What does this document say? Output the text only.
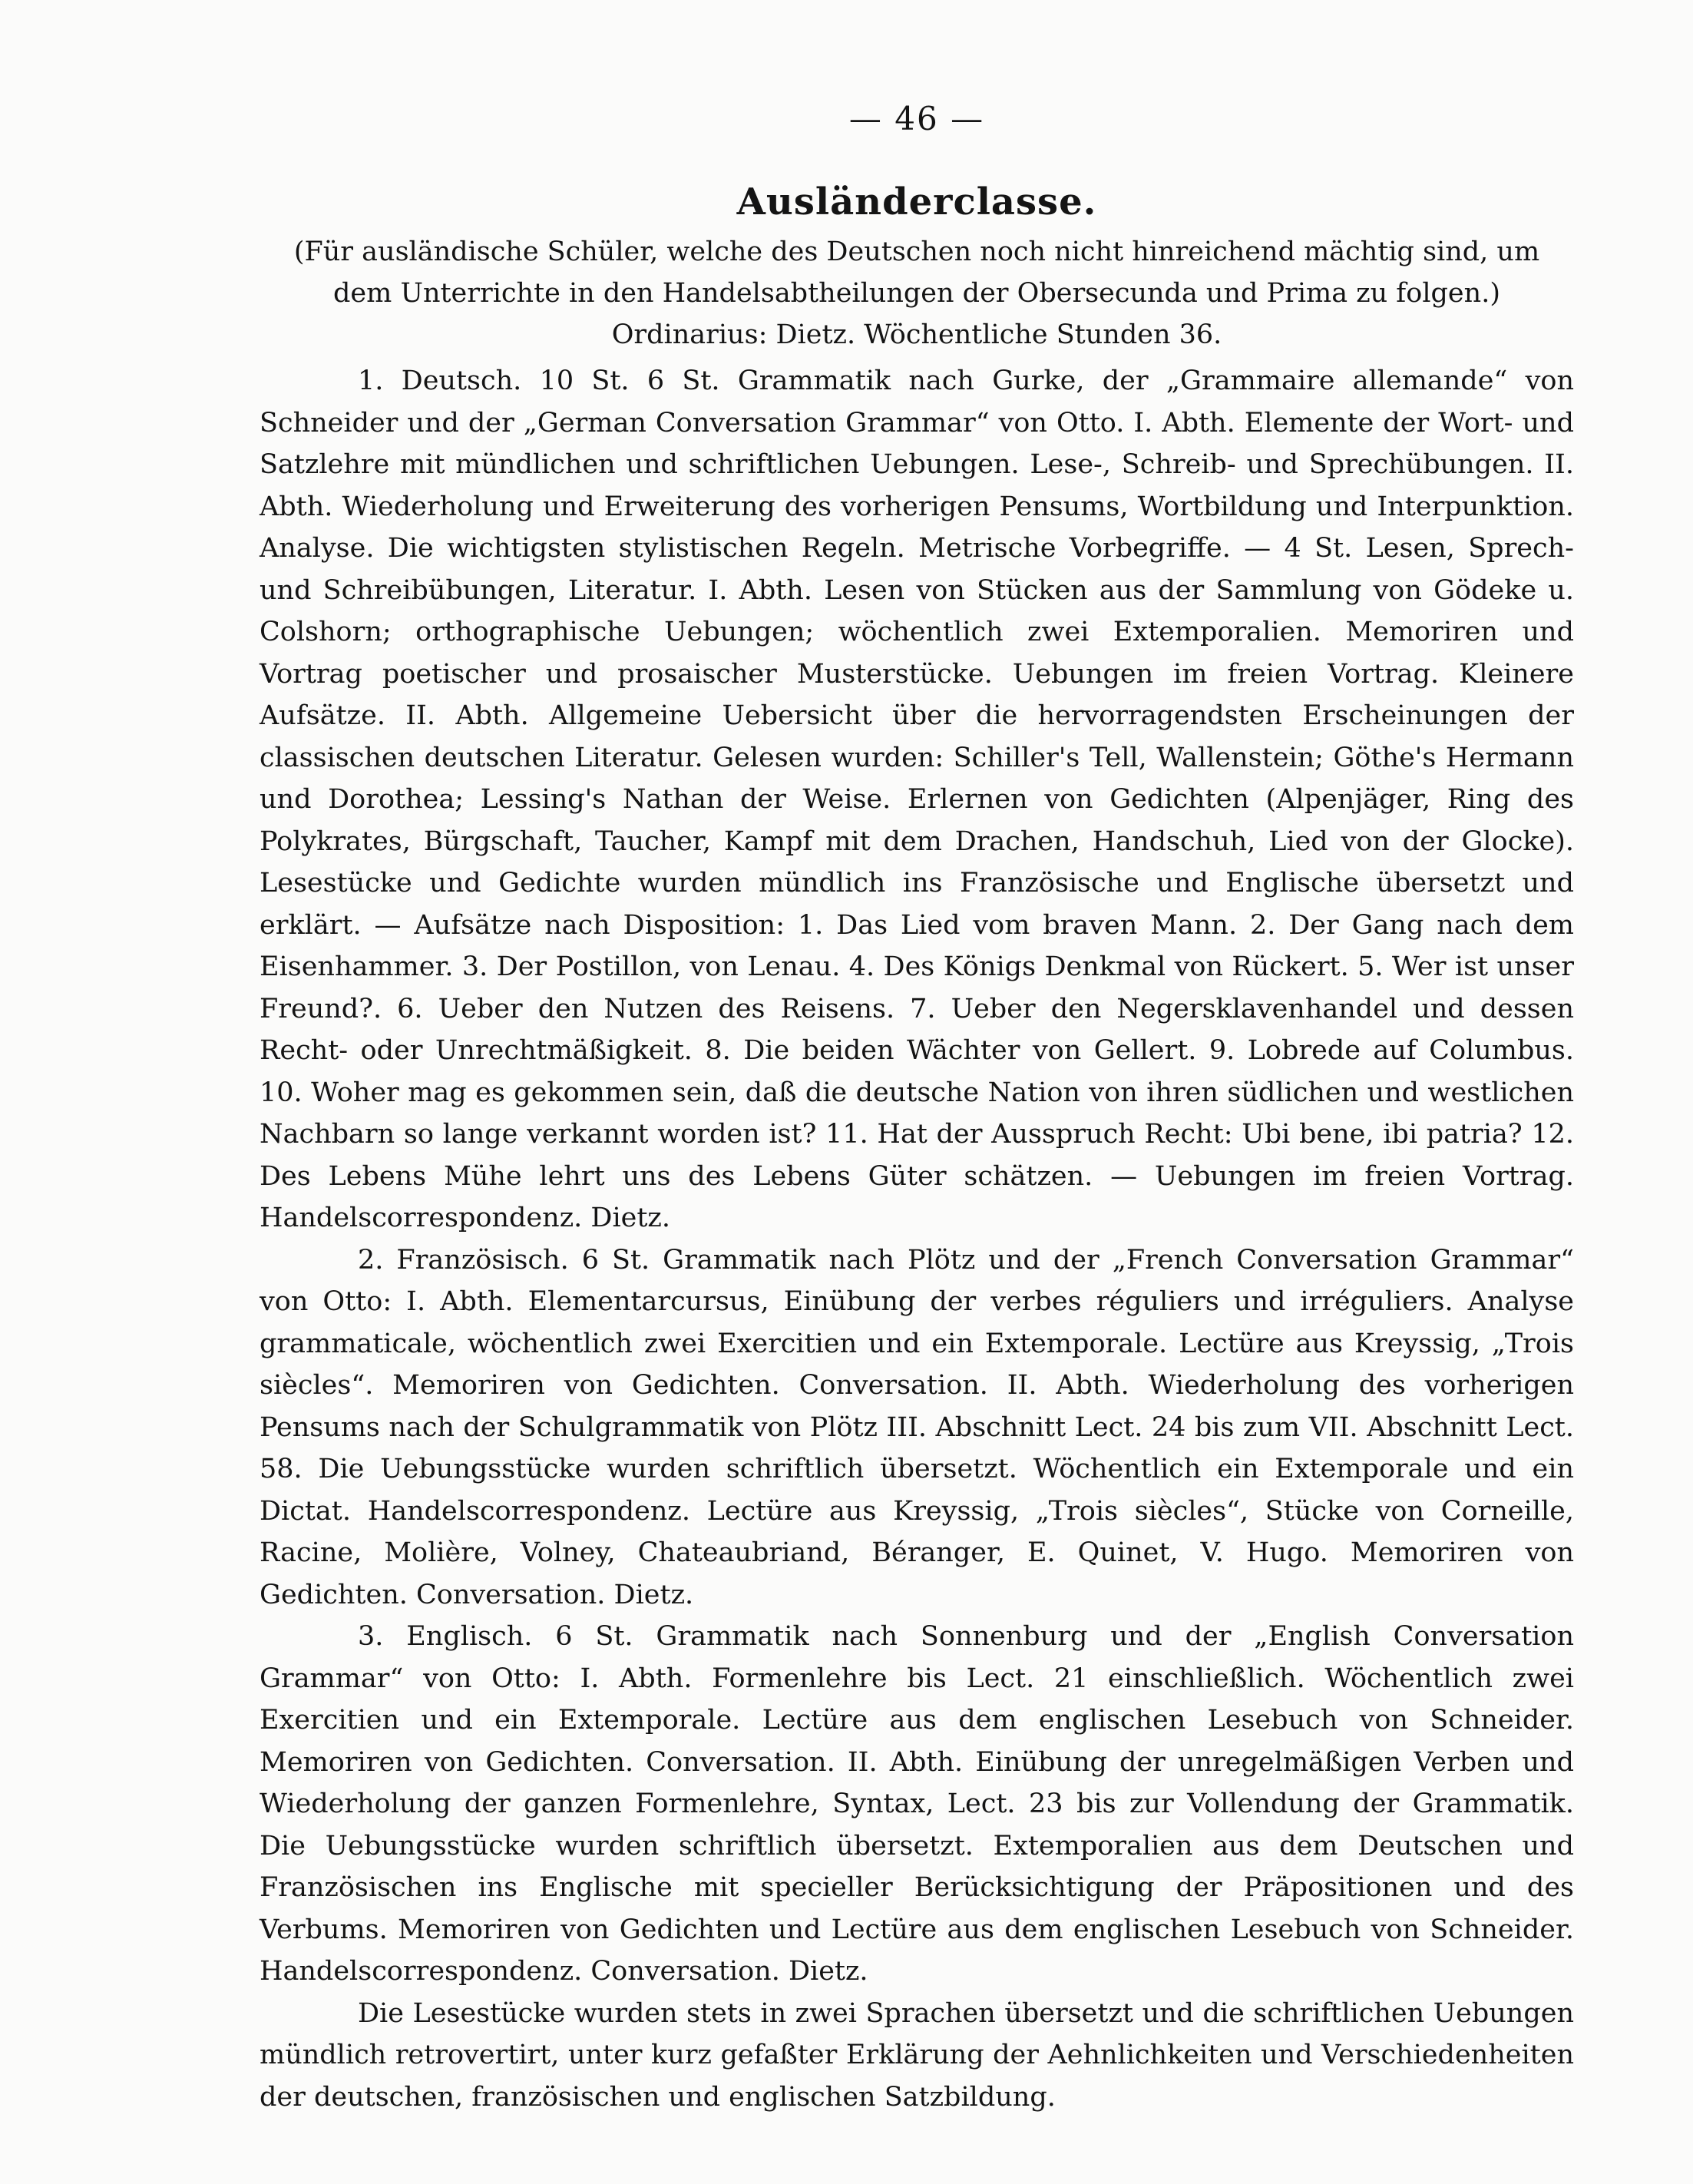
— 46 —
Ausländerclasse.

(Für ausländische Schüler, welche des Deutschen noch nicht hinreichend mächtig sind, um dem Unterrichte in den Handelsabtheilungen der Obersecunda und Prima zu folgen.)

Ordinarius: Dietz. Wöchentliche Stunden 36.

1. Deutsch. 10 St. 6 St. Grammatik nach Gurke, der „Grammaire allemande“ von Schneider und der „German Conversation Grammar“ von Otto. I. Abth. Elemente der Wort- und Satzlehre mit mündlichen und schriftlichen Uebungen. Lese-, Schreib- und Sprechübungen. II. Abth. Wiederholung und Erweiterung des vorherigen Pensums, Wortbildung und Interpunktion. Analyse. Die wichtigsten stylistischen Regeln. Metrische Vorbegriffe. — 4 St. Lesen, Sprech- und Schreibübungen, Literatur. I. Abth. Lesen von Stücken aus der Sammlung von Gödeke u. Colshorn; orthographische Uebungen; wöchentlich zwei Extemporalien. Memoriren und Vortrag poetischer und prosaischer Musterstücke. Uebungen im freien Vortrag. Kleinere Aufsätze. II. Abth. Allgemeine Uebersicht über die hervorragendsten Erscheinungen der classischen deutschen Literatur. Gelesen wurden: Schiller's Tell, Wallenstein; Göthe's Hermann und Dorothea; Lessing's Nathan der Weise. Erlernen von Gedichten (Alpenjäger, Ring des Polykrates, Bürgschaft, Taucher, Kampf mit dem Drachen, Handschuh, Lied von der Glocke). Lesestücke und Gedichte wurden mündlich ins Französische und Englische übersetzt und erklärt. — Aufsätze nach Disposition: 1. Das Lied vom braven Mann. 2. Der Gang nach dem Eisenhammer. 3. Der Postillon, von Lenau. 4. Des Königs Denkmal von Rückert. 5. Wer ist unser Freund?. 6. Ueber den Nutzen des Reisens. 7. Ueber den Negersklavenhandel und dessen Recht- oder Unrechtmäßigkeit. 8. Die beiden Wächter von Gellert. 9. Lobrede auf Columbus. 10. Woher mag es gekommen sein, daß die deutsche Nation von ihren südlichen und westlichen Nachbarn so lange verkannt worden ist? 11. Hat der Ausspruch Recht: Ubi bene, ibi patria? 12. Des Lebens Mühe lehrt uns des Lebens Güter schätzen. — Uebungen im freien Vortrag. Handelscorrespondenz. Dietz.

2. Französisch. 6 St. Grammatik nach Plötz und der „French Conversation Grammar“ von Otto: I. Abth. Elementarcursus, Einübung der verbes réguliers und irréguliers. Analyse grammaticale, wöchentlich zwei Exercitien und ein Extemporale. Lectüre aus Kreyssig, „Trois siècles“. Memoriren von Gedichten. Conversation. II. Abth. Wiederholung des vorherigen Pensums nach der Schulgrammatik von Plötz III. Abschnitt Lect. 24 bis zum VII. Abschnitt Lect. 58. Die Uebungsstücke wurden schriftlich übersetzt. Wöchentlich ein Extemporale und ein Dictat. Handelscorrespondenz. Lectüre aus Kreyssig, „Trois siècles“, Stücke von Corneille, Racine, Molière, Volney, Chateaubriand, Béranger, E. Quinet, V. Hugo. Memoriren von Gedichten. Conversation. Dietz.

3. Englisch. 6 St. Grammatik nach Sonnenburg und der „English Conversation Grammar“ von Otto: I. Abth. Formenlehre bis Lect. 21 einschließlich. Wöchentlich zwei Exercitien und ein Extemporale. Lectüre aus dem englischen Lesebuch von Schneider. Memoriren von Gedichten. Conversation. II. Abth. Einübung der unregelmäßigen Verben und Wiederholung der ganzen Formenlehre, Syntax, Lect. 23 bis zur Vollendung der Grammatik. Die Uebungsstücke wurden schriftlich übersetzt. Extemporalien aus dem Deutschen und Französischen ins Englische mit specieller Berücksichtigung der Präpositionen und des Verbums. Memoriren von Gedichten und Lectüre aus dem englischen Lesebuch von Schneider. Handelscorrespondenz. Conversation. Dietz.

Die Lesestücke wurden stets in zwei Sprachen übersetzt und die schriftlichen Uebungen mündlich retrovertirt, unter kurz gefaßter Erklärung der Aehnlichkeiten und Verschiedenheiten der deutschen, französischen und englischen Satzbildung.
